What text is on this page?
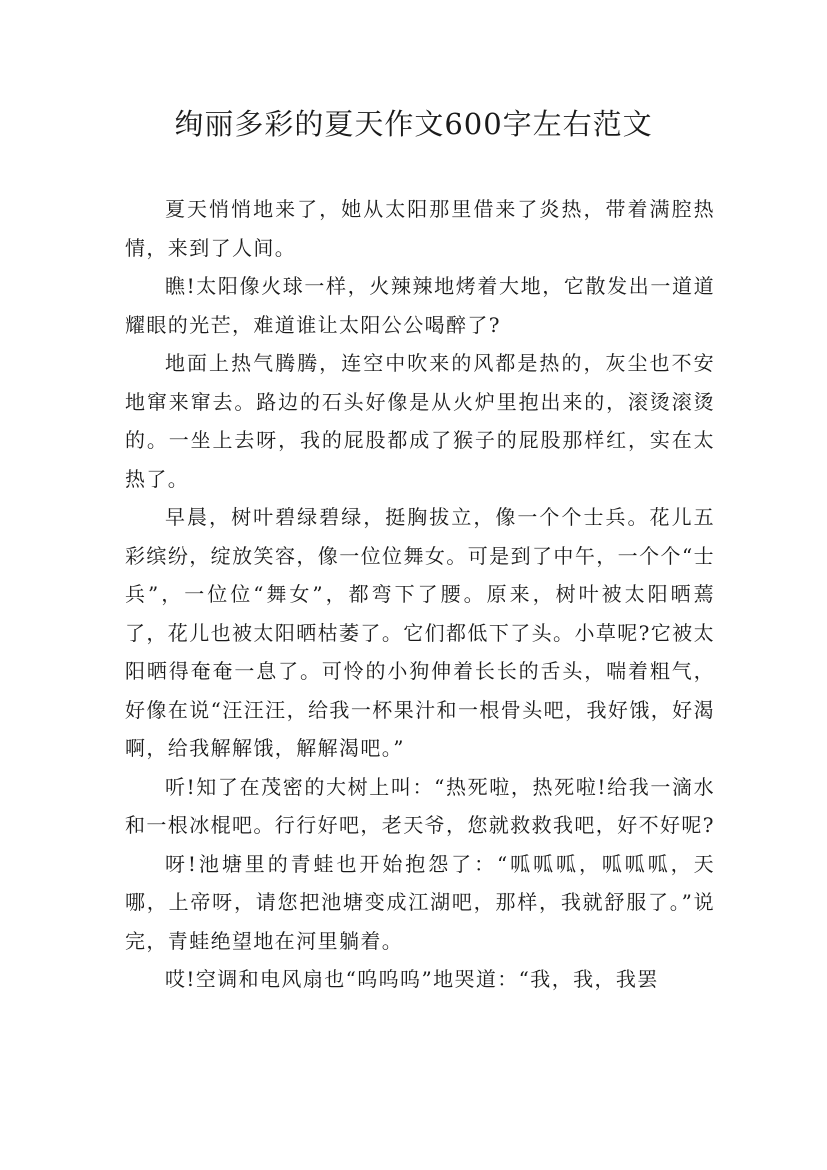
绚丽多彩的夏天作文600字左右范文

夏天悄悄地来了，她从太阳那里借来了炎热，带着满腔热情，来到了人间。

瞧!太阳像火球一样，火辣辣地烤着大地，它散发出一道道耀眼的光芒，难道谁让太阳公公喝醉了?

地面上热气腾腾，连空中吹来的风都是热的，灰尘也不安地窜来窜去。路边的石头好像是从火炉里抱出来的，滚烫滚烫的。一坐上去呀，我的屁股都成了猴子的屁股那样红，实在太热了。

早晨，树叶碧绿碧绿，挺胸拔立，像一个个士兵。花儿五彩缤纷，绽放笑容，像一位位舞女。可是到了中午，一个个“士兵”，一位位“舞女”，都弯下了腰。原来，树叶被太阳晒蔫了，花儿也被太阳晒枯萎了。它们都低下了头。小草呢?它被太阳晒得奄奄一息了。可怜的小狗伸着长长的舌头，喘着粗气，好像在说“汪汪汪，给我一杯果汁和一根骨头吧，我好饿，好渴啊，给我解解饿，解解渴吧。”

听!知了在茂密的大树上叫：“热死啦，热死啦!给我一滴水和一根冰棍吧。行行好吧，老天爷，您就救救我吧，好不好呢?

呀!池塘里的青蛙也开始抱怨了：“呱呱呱，呱呱呱，天哪，上帝呀，请您把池塘变成江湖吧，那样，我就舒服了。”说完，青蛙绝望地在河里躺着。

哎!空调和电风扇也“呜呜呜”地哭道：“我，我，我罢
